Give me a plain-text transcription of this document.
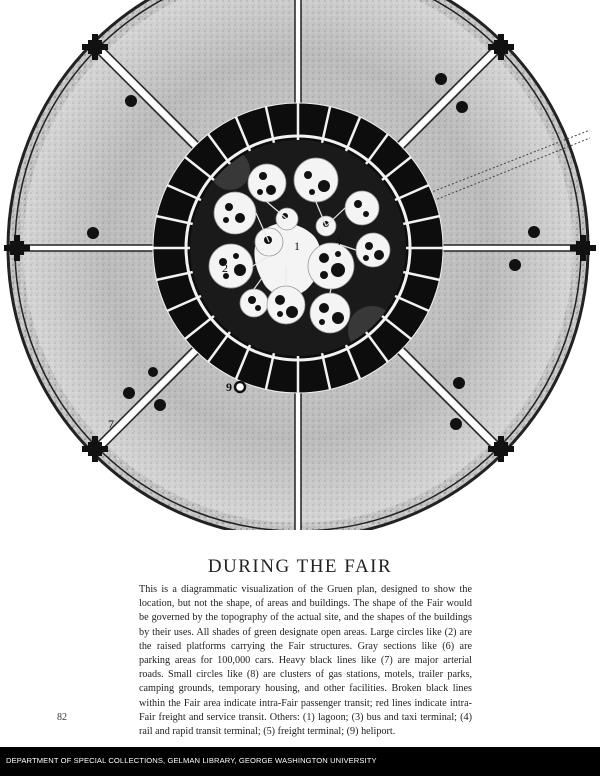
1
2
4
7
9
DURING THE FAIR

This is a diagrammatic visualization of the Gruen plan, designed to show the location, but not the shape, of areas and buildings. The shape of the Fair would be governed by the topography of the actual site, and the shapes of the buildings by their uses. All shades of green designate open areas. Large circles like (2) are the raised platforms carrying the Fair structures. Gray sections like (6) are parking areas for 100,000 cars. Heavy black lines like (7) are major arterial roads. Small circles like (8) are clusters of gas stations, motels, trailer parks, camping grounds, temporary housing, and other facilities. Broken black lines within the Fair area indicate intra-Fair passenger transit; red lines indicate intra-Fair freight and service transit. Others: (1) lagoon; (3) bus and taxi terminal; (4) rail and rapid transit terminal; (5) freight terminal; (9) heliport.

82
DEPARTMENT OF SPECIAL COLLECTIONS, GELMAN LIBRARY, GEORGE WASHINGTON UNIVERSITY
